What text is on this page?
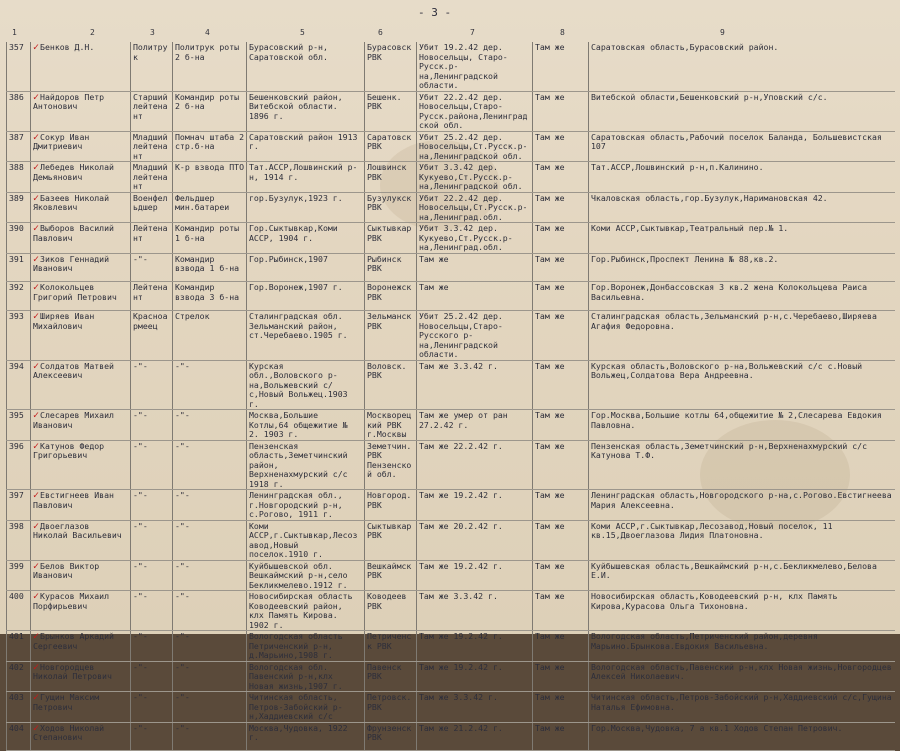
- 3 -
1	2	3	4	5	6	7	8	9
357	✓Бенков Д.Н.	Политрук	Политрук роты 2 б-на	Бурасовский р-н, Саратовской обл.	Бурасовск РВК	Убит 19.2.42 дер. Новосельцы, Старо-Русск.р-на,Ленинградской области.	Там же	Саратовская область,Бурасовский район.
386	✓Найдоров Петр Антонович	Старший лейтенант	Командир роты 2 б-на	Бешенковский район, Витебской области. 1896 г.	Бешенк. РВК	Убит 22.2.42 дер. Новосельцы,Старо-Русск.района,Ленинградской обл.	Там же	Витебской области,Бешенковский р-н,Уповский с/с.
387	✓Сокур Иван Дмитриевич	Младший лейтенант	Помнач штаба 2 стр.б-на	Саратовский район 1913 г.	Саратовск РВК	Убит 25.2.42 дер. Новосельцы,Ст.Русск.р-на,Ленинградской обл.	Там же	Саратовская область,Рабочий поселок Баланда, Большевистская 107
388	✓Лебедев Николай Демьянович	Младший лейтенант	К-р взвода ПТО	Тат.АССР,Лошвинский р-н, 1914 г.	Лошвинск РВК	Убит 3.3.42 дер. Кукуево,Ст.Русск.р-на,Ленинградской обл.	Там же	Тат.АССР,Лошвинский р-н,п.Калинино.
389	✓Базеев Николай Яковлевич	Военфельдшер	Фельдшер мин.батареи	гор.Бузулук,1923 г.	Бузулукск РВК	Убит 22.2.42 дер. Новосельцы,Ст.Русск.р-на,Ленинград.обл.	Там же	Чкаловская область,гор.Бузулук,Наримановская 42.
390	✓Выборов Василий Павлович	Лейтенант	Командир роты 1 б-на	Гор.Сыктывкар,Коми АССР, 1904 г.	Сыктывкар РВК	Убит 3.3.42 дер. Кукуево,Ст.Русск.р-на,Ленинград.обл.	Там же	Коми АССР,Сыктывкар,Театральный пер.№ 1.
391	✓Зиков Геннадий Иванович	-"-	Командир взвода 1 б-на	Гор.Рыбинск,1907	Рыбинск РВК	Там же	Там же	Гор.Рыбинск,Проспект Ленина № 88,кв.2.
392	✓Колокольцев Григорий Петрович	Лейтенант	Командир взвода 3 б-на	Гор.Воронеж,1907 г.	Воронежск РВК	Там же	Там же	Гор.Воронеж,Донбассовская 3 кв.2 жена Колокольцева Раиса Васильевна.
393	✓Ширяев Иван Михайлович	Красноармеец	Стрелок	Сталинградская обл. Зельманский район, ст.Черебаево.1905 г.	Зельманск РВК	Убит 25.2.42 дер. Новосельцы,Старо-Русского р-на,Ленинградской области.	Там же	Сталинградская область,Зельманский р-н,с.Черебаево,Ширяева Агафия Федоровна.
394	✓Солдатов Матвей Алексеевич	-"-	-"-	Курская обл.,Воловского р-на,Вольжевский с/с,Новый Вольжец.1903 г.	Воловск. РВК	Там же 3.3.42 г.	Там же	Курская область,Воловского р-на,Вольжевский с/с с.Новый Вольжец,Солдатова Вера Андреевна.
395	✓Слесарев Михаил Иванович	-"-	-"-	Москва,Большие Котлы,64 общежитие № 2. 1903 г.	Москворецкий РВК г.Москвы	Там же умер от ран 27.2.42 г.	Там же	Гор.Москва,Большие котлы 64,общежитие № 2,Слесарева Евдокия Павловна.
396	✓Катунов Федор Григорьевич	-"-	-"-	Пензенская область,Земетчинский район, Верхненахмурский с/с 1918 г.	Земетчин. РВК Пензенской обл.	Там же 22.2.42 г.	Там же	Пензенская область,Земетчинский р-н,Верхненахмурский с/с Катунова Т.Ф.
397	✓Евстигнеев Иван Павлович	-"-	-"-	Ленинградская обл., г.Новгородский р-н, с.Рогово, 1911 г.	Новгород. РВК	Там же 19.2.42 г.	Там же	Ленинградская область,Новгородского р-на,с.Рогово.Евстигнеева Мария Алексеевна.
398	✓Двоеглазов Николай Васильевич	-"-	-"-	Коми АССР,г.Сыктывкар,Лесозавод,Новый поселок.1910 г.	Сыктывкар РВК	Там же 20.2.42 г.	Там же	Коми АССР,г.Сыктывкар,Лесозавод,Новый поселок, 11 кв.15,Двоеглазова Лидия Платоновна.
399	✓Белов Виктор Иванович	-"-	-"-	Куйбышевской обл. Вешкаймский р-н,село Бекликмелево.1912 г.	Вешкаймск РВК	Там же 19.2.42 г.	Там же	Куйбышевская область,Вешкаймский р-н,с.Бекликмелево,Белова Е.И.
400	✓Курасов Михаил Порфирьевич	-"-	-"-	Новосибирская область Ководеевский район, клх Память Кирова. 1902 г.	Ководеев РВК	Там же 3.3.42 г.	Там же	Новосибирская область,Ководеевский р-н, клх Память Кирова,Курасова Ольга Тихоновна.
401	✓Брынков Аркадий Сергеевич	-"-	-"-	Вологодская область Петриченский р-н, д.Марьино,1908 г.	Петриченск РВК	Там же 19.2.42 г.	Там же	Вологодская область,Петриченский район,деревня Марьино.Брынкова.Евдокия Васильевна.
402	✓Новгородцев Николай Петрович	-"-	-"-	Вологодская обл. Павенский р-н,клх Новая жизнь,1907 г.	Павенск РВК	Там же 19.2.42 г.	Там же	Вологодская область,Павенский р-н,клх Новая жизнь,Новгородцев Алексей Николаевич.
403	✓Гущин Максим Петрович	-"-	-"-	Читинская область, Петров-Забойский р-н,Хаддиевский с/с	Петровск. РВК	Там же 3.3.42 г.	Там же	Читинская область,Петров-Забойский р-н,Хаддиевский с/с,Гущина Наталья Ефимовна.
404	✓Ходов Николай Степанович	-"-	-"-	Москва,Чудовка, 1922 г.	Фрунзенск РВК	Там же 21.2.42 г.	Там же	Гор.Москва,Чудовка, 7 а кв.1 Ходов Степан Петрович.
